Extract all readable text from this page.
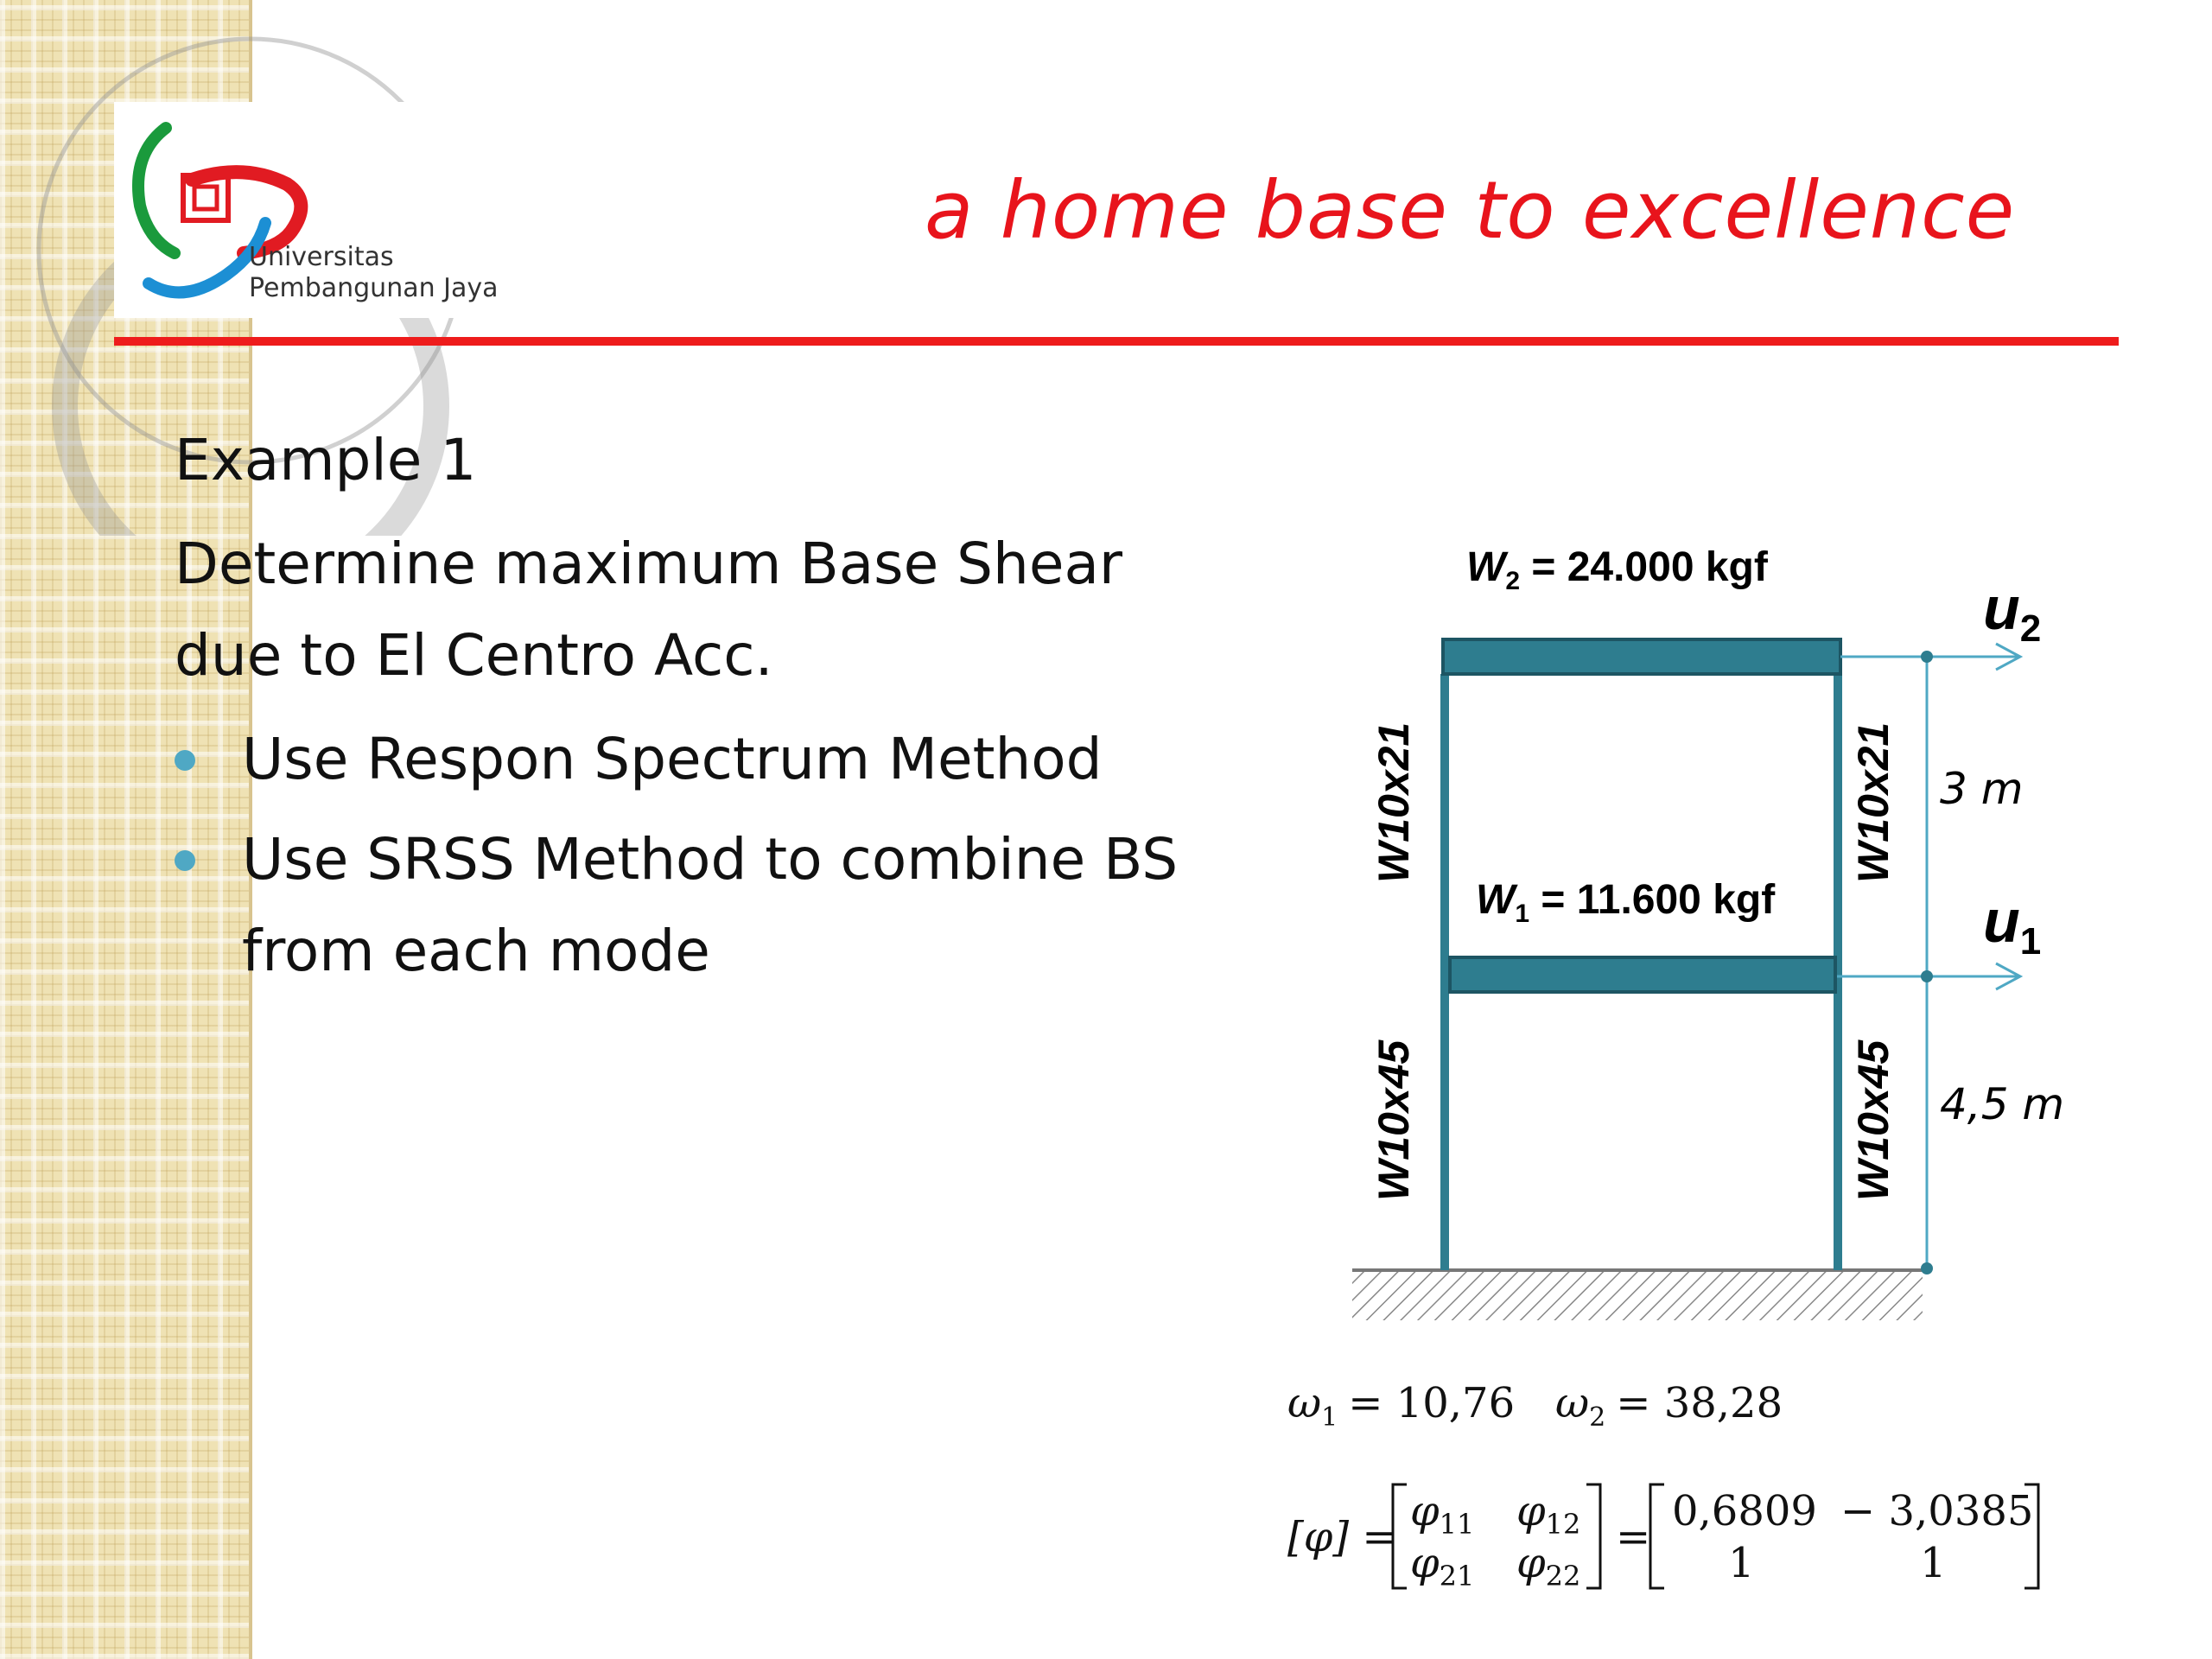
Universitas
Pembangunan Jaya
a home base to excellence

Example 1

Determine maximum Base Shear

due to El Centro Acc.

Use Respon Spectrum Method
Use SRSS Method to combine BS
from each mode
$W_2 = 24.000$ kgf
$W_1 = 11.600$ kgf
$u_2$
$u_1$
W10x21	W10x21
W10x45	W10x45
3 m
4,5 m
$\omega_1 = 10,76$ $\omega_2 = 38,28$
[φ] =
$\varphi_{11}$ $\varphi_{12}$
$\varphi_{21}$ $\varphi_{22}$
=
0,6809 − 3,0385
1	1
